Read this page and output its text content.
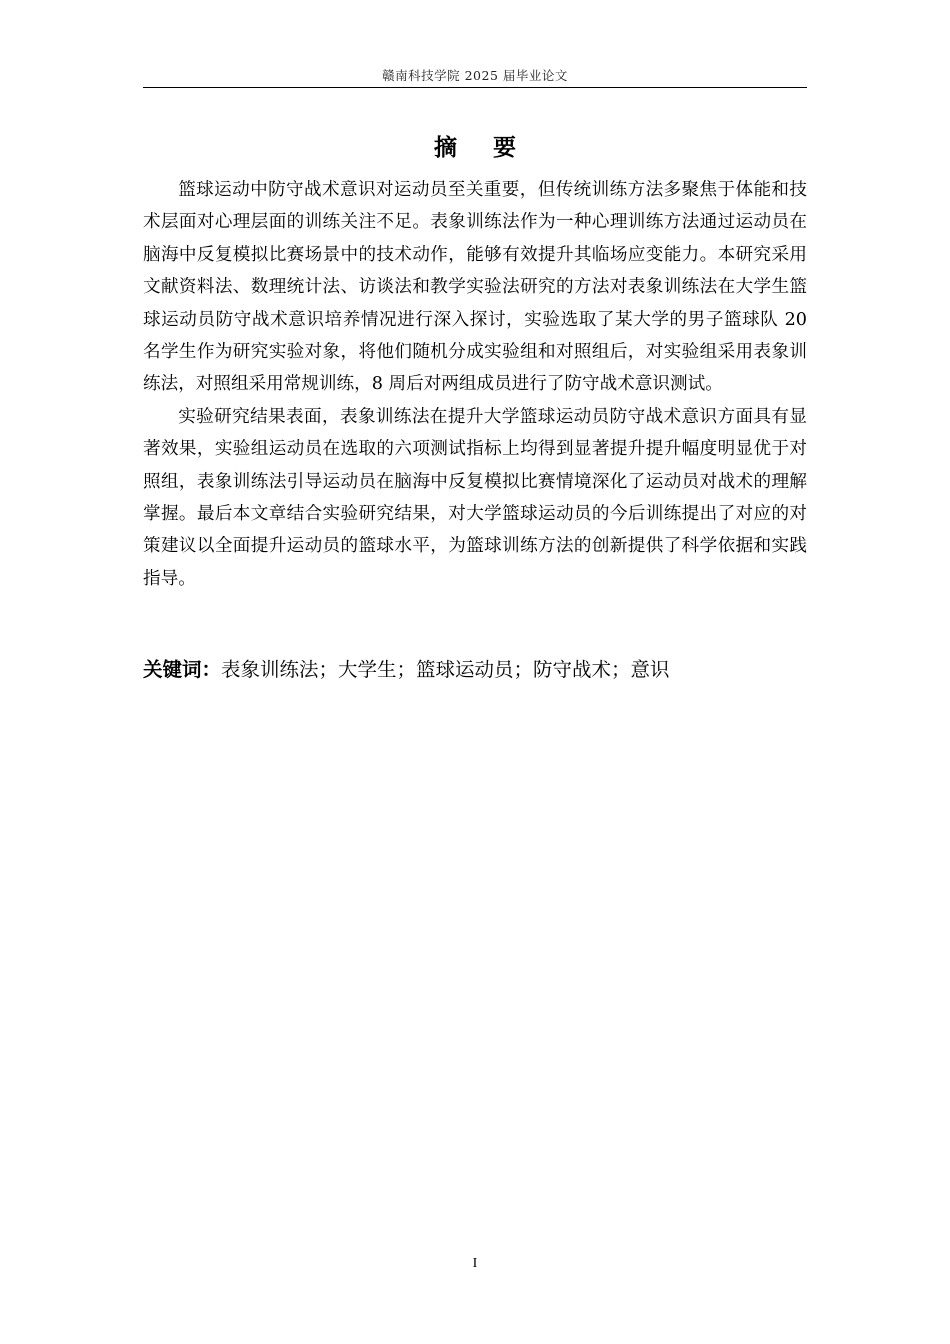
赣南科技学院 2025 届毕业论文
摘 要

篮球运动中防守战术意识对运动员至关重要，但传统训练方法多聚焦于体能和技术层面对心理层面的训练关注不足。表象训练法作为一种心理训练方法通过运动员在脑海中反复模拟比赛场景中的技术动作，能够有效提升其临场应变能力。本研究采用文献资料法、数理统计法、访谈法和教学实验法研究的方法对表象训练法在大学生篮球运动员防守战术意识培养情况进行深入探讨，实验选取了某大学的男子篮球队 20 名学生作为研究实验对象，将他们随机分成实验组和对照组后，对实验组采用表象训练法，对照组采用常规训练，8 周后对两组成员进行了防守战术意识测试。

实验研究结果表面，表象训练法在提升大学篮球运动员防守战术意识方面具有显著效果，实验组运动员在选取的六项测试指标上均得到显著提升提升幅度明显优于对照组，表象训练法引导运动员在脑海中反复模拟比赛情境深化了运动员对战术的理解掌握。最后本文章结合实验研究结果，对大学篮球运动员的今后训练提出了对应的对策建议以全面提升运动员的篮球水平，为篮球训练方法的创新提供了科学依据和实践指导。

关键词：表象训练法；大学生；篮球运动员；防守战术；意识
I
